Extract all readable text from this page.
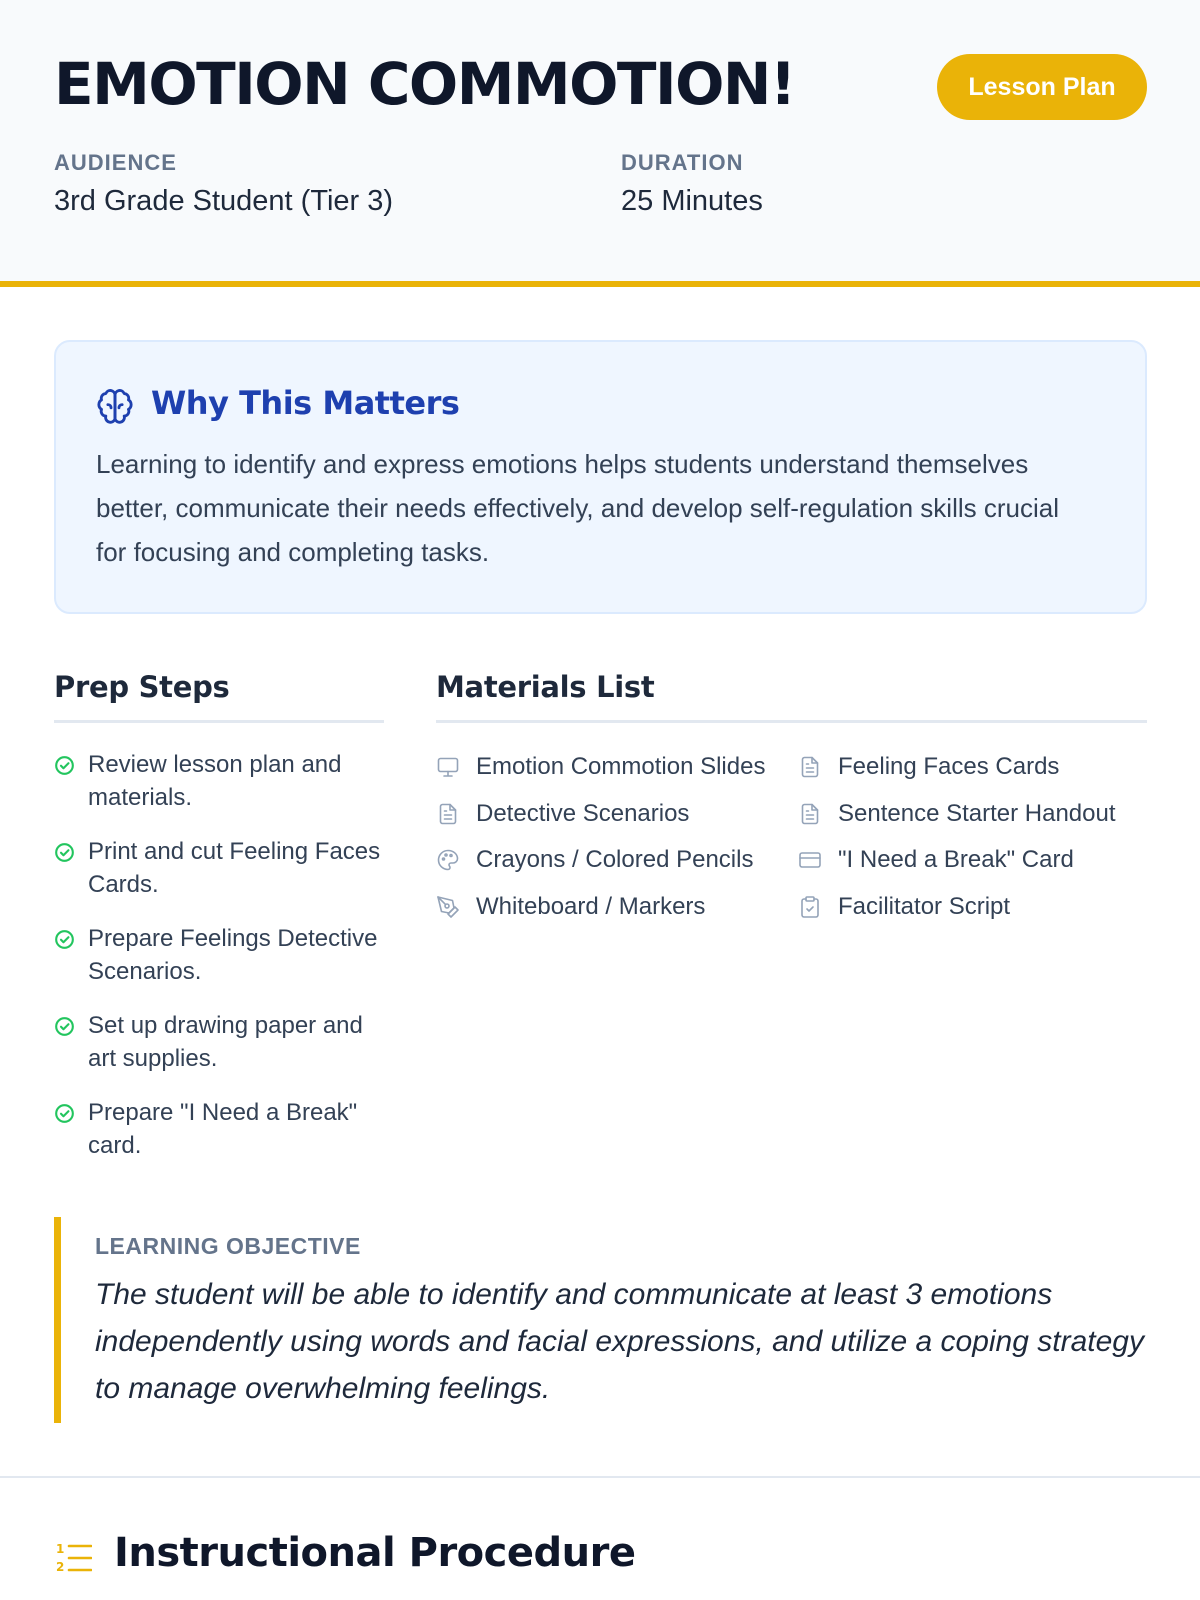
EMOTION COMMOTION!	Lesson Plan
AUDIENCE
3rd Grade Student (Tier 3)
DURATION
25 Minutes
Why This Matters

Learning to identify and express emotions helps students understand themselves better, communicate their needs effectively, and develop self-regulation skills crucial for focusing and completing tasks.

Prep Steps
Review lesson plan and materials.
Print and cut Feeling Faces Cards.
Prepare Feelings Detective Scenarios.
Set up drawing paper and art supplies.
Prepare "I Need a Break" card.
Materials List
Emotion Commotion Slides	Feeling Faces Cards
Detective Scenarios	Sentence Starter Handout
Crayons / Colored Pencils	"I Need a Break" Card
Whiteboard / Markers	Facilitator Script
LEARNING OBJECTIVE

The student will be able to identify and communicate at least 3 emotions independently using words and facial expressions, and utilize a coping strategy to manage overwhelming feelings.

1
2 Instructional Procedure
